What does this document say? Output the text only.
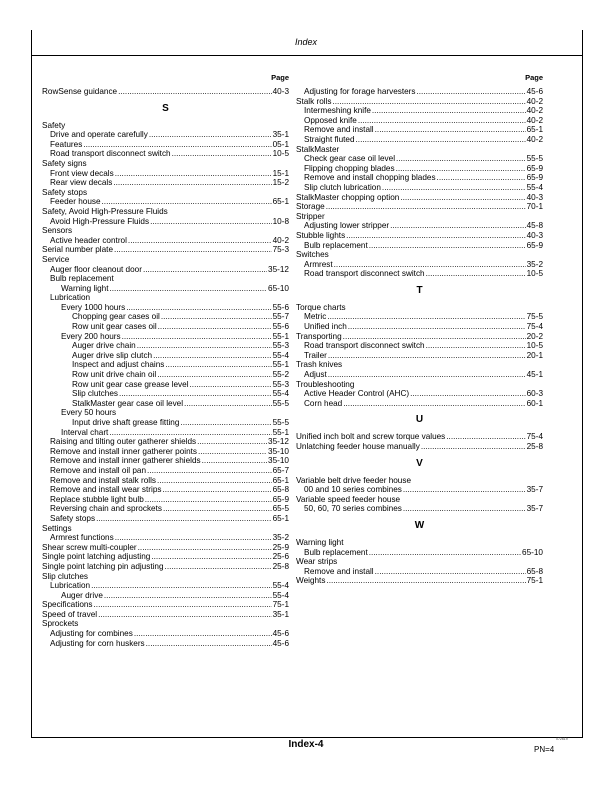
Index
Page
RowSense guidance .....	40-3
S
Safety
Drive and operate carefully .....	35-1
Features .....	05-1
Road transport disconnect switch .....	10-5
Safety signs
Front view decals .....	15-1
Rear view decals .....	15-2
Safety stops
Feeder house .....	65-1
Safety, Avoid High-Pressure Fluids
Avoid High-Pressure Fluids .....	10-8
Sensors
Active header control .....	40-2
Serial number plate .....	75-3
Service
Auger floor cleanout door .....	35-12
Bulb replacement
Warning light .....	65-10
Lubrication
Every 1000 hours .....	55-6
Chopping gear cases oil .....	55-7
Row unit gear cases oil .....	55-6
Every 200 hours .....	55-1
Auger drive chain .....	55-3
Auger drive slip clutch .....	55-4
Inspect and adjust chains .....	55-1
Row unit drive chain oil .....	55-2
Row unit gear case grease level .....	55-3
Slip clutches .....	55-4
StalkMaster gear case oil level .....	55-5
Every 50 hours
Input drive shaft grease fitting .....	55-5
Interval chart .....	55-1
Raising and tilting outer gatherer shields .....	35-12
Remove and install inner gatherer points .....	35-10
Remove and install inner gatherer shields .....	35-10
Remove and install oil pan .....	65-7
Remove and install stalk rolls .....	65-1
Remove and install wear strips .....	65-8
Replace stubble light bulb .....	65-9
Reversing chain and sprockets .....	65-5
Safety stops .....	65-1
Settings
Armrest functions .....	35-2
Shear screw multi-coupler .....	25-9
Single point latching adjusting .....	25-6
Single point latching pin adjusting .....	25-8
Slip clutches
Lubrication .....	55-4
Auger drive .....	55-4
Specifications .....	75-1
Speed of travel .....	35-1
Sprockets
Adjusting for combines .....	45-6
Adjusting for corn huskers .....	45-6
Page
Adjusting for forage harvesters .....	45-6
Stalk rolls .....	40-2
Intermeshing knife .....	40-2
Opposed knife .....	40-2
Remove and install .....	65-1
Straight fluted .....	40-2
StalkMaster
Check gear case oil level .....	55-5
Flipping chopping blades .....	65-9
Remove and install chopping blades .....	65-9
Slip clutch lubrication .....	55-4
StalkMaster chopping option .....	40-3
Storage .....	70-1
Stripper
Adjusting lower stripper .....	45-8
Stubble lights .....	40-3
Bulb replacement .....	65-9
Switches
Armrest .....	35-2
Road transport disconnect switch .....	10-5
T
Torque charts
Metric .....	75-5
Unified inch .....	75-4
Transporting .....	20-2
Road transport disconnect switch .....	10-5
Trailer .....	20-1
Trash knives
Adjust .....	45-1
Troubleshooting
Active Header Control (AHC) .....	60-3
Corn head .....	60-1
U
Unified inch bolt and screw torque values .....	75-4
Unlatching feeder house manually .....	25-8
V
Variable belt drive feeder house
00 and 10 series combines .....	35-7
Variable speed feeder house
50, 60, 70 series combines .....	35-7
W
Warning light
Bulb replacement .....	65-10
Wear strips
Remove and install .....	65-8
Weights .....	75-1
Index-4	072619
PN=4
